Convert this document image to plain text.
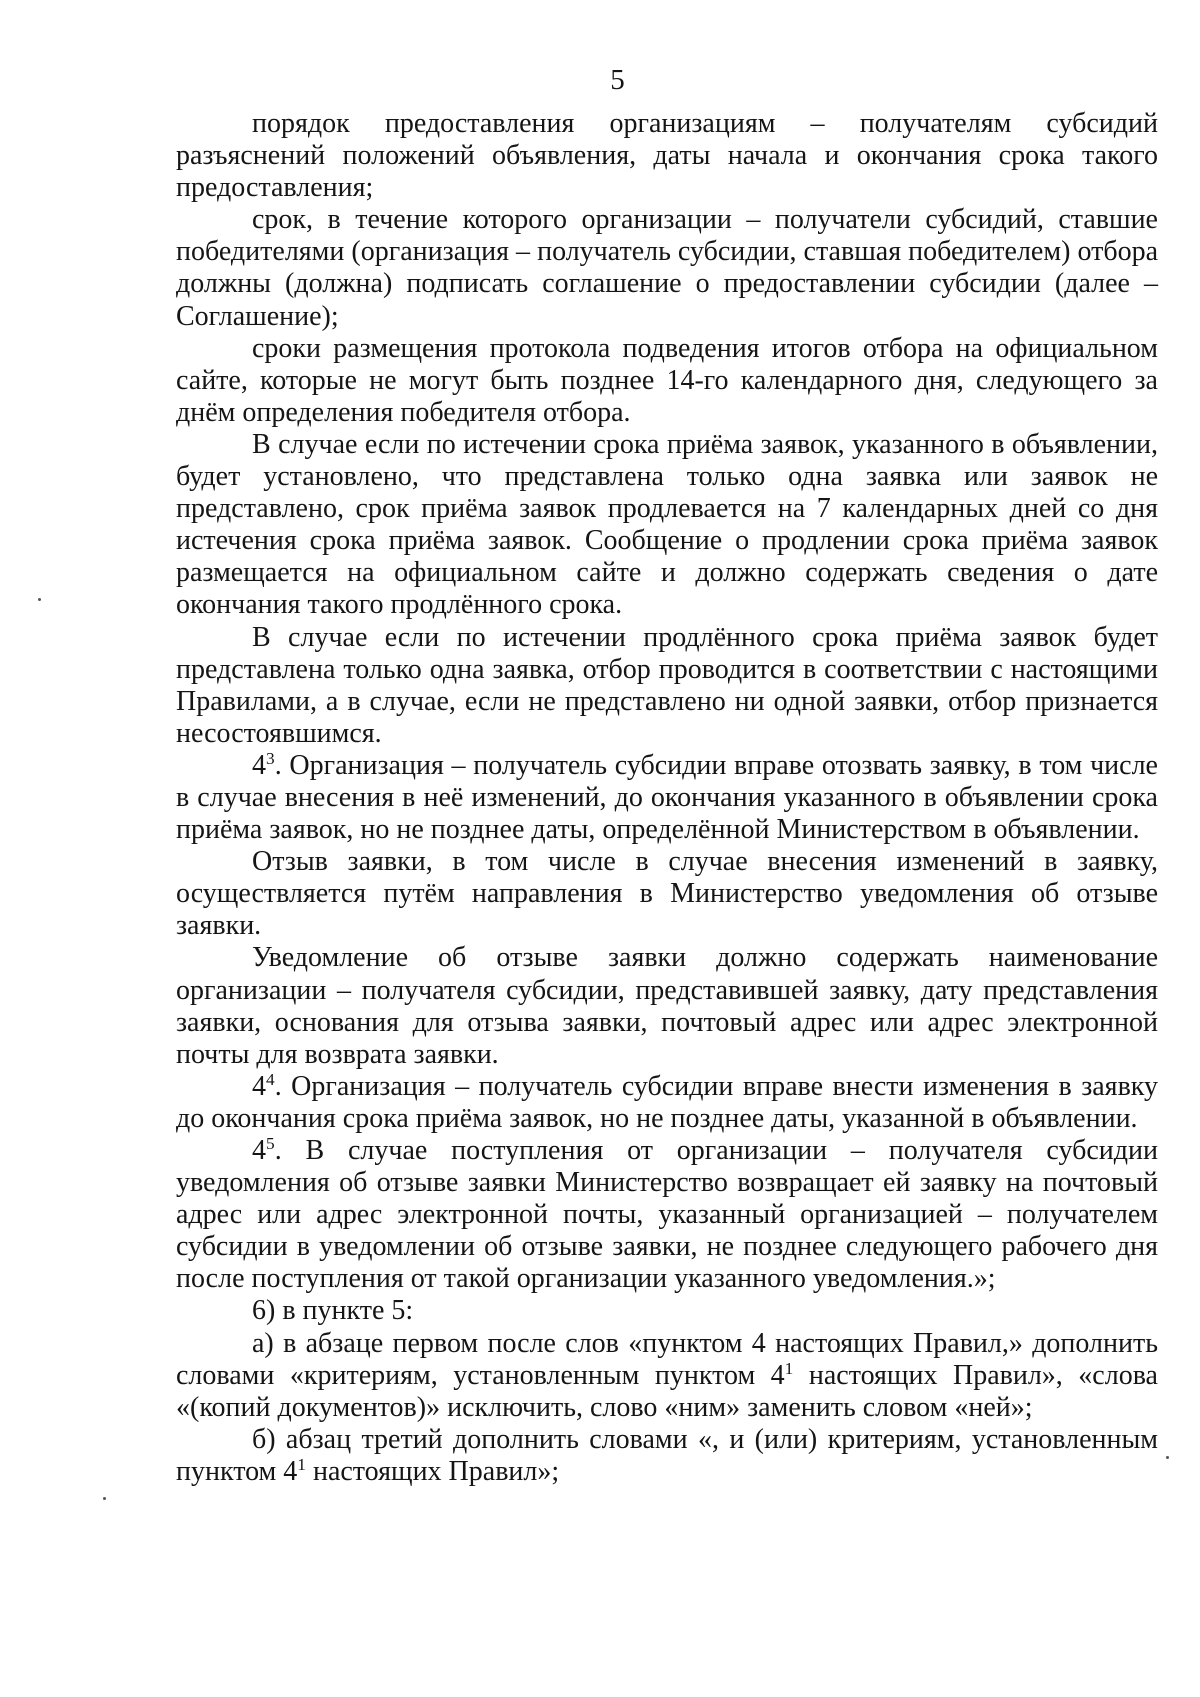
5

порядок предоставления организациям – получателям субсидий разъяснений положений объявления, даты начала и окончания срока такого предоставления;

срок, в течение которого организации – получатели субсидий, ставшие победителями (организация – получатель субсидии, ставшая победителем) отбора должны (должна) подписать соглашение о предоставлении субсидии (далее – Соглашение);

сроки размещения протокола подведения итогов отбора на официальном сайте, которые не могут быть позднее 14-го календарного дня, следующего за днём определения победителя отбора.

В случае если по истечении срока приёма заявок, указанного в объявлении, будет установлено, что представлена только одна заявка или заявок не представлено, срок приёма заявок продлевается на 7 календарных дней со дня истечения срока приёма заявок. Сообщение о продлении срока приёма заявок размещается на официальном сайте и должно содержать сведения о дате окончания такого продлённого срока.

В случае если по истечении продлённого срока приёма заявок будет представлена только одна заявка, отбор проводится в соответствии с настоящими Правилами, а в случае, если не представлено ни одной заявки, отбор признается несостоявшимся.

$4^3$. Организация – получатель субсидии вправе отозвать заявку, в том числе в случае внесения в неё изменений, до окончания указанного в объявлении срока приёма заявок, но не позднее даты, определённой Министерством в объявлении.

Отзыв заявки, в том числе в случае внесения изменений в заявку, осуществляется путём направления в Министерство уведомления об отзыве заявки.

Уведомление об отзыве заявки должно содержать наименование организации – получателя субсидии, представившей заявку, дату представления заявки, основания для отзыва заявки, почтовый адрес или адрес электронной почты для возврата заявки.

$4^4$. Организация – получатель субсидии вправе внести изменения в заявку до окончания срока приёма заявок, но не позднее даты, указанной в объявлении.

$4^5$. В случае поступления от организации – получателя субсидии уведомления об отзыве заявки Министерство возвращает ей заявку на почтовый адрес или адрес электронной почты, указанный организацией – получателем субсидии в уведомлении об отзыве заявки, не позднее следующего рабочего дня после поступления от такой организации указанного уведомления.»;

6) в пункте 5:

а) в абзаце первом после слов «пунктом 4 настоящих Правил,» дополнить словами «критериям, установленным пунктом $4^1$ настоящих Правил», «слова «(копий документов)» исключить, слово «ним» заменить словом «ней»;

б) абзац третий дополнить словами «, и (или) критериям, установленным пунктом $4^1$ настоящих Правил»;
